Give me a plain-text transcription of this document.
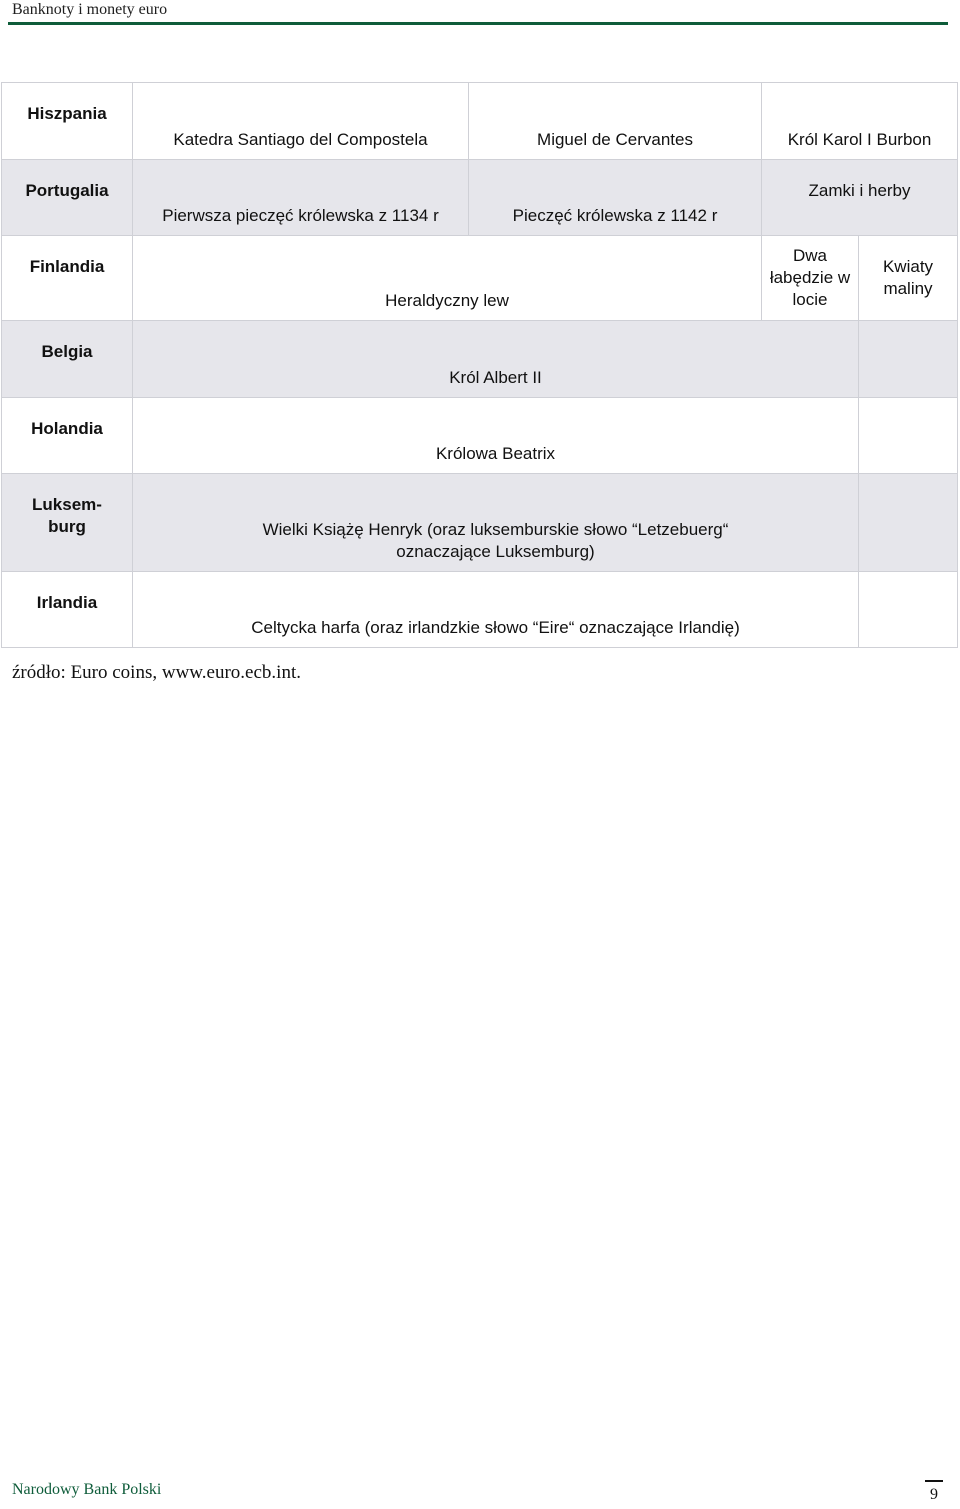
Banknoty i monety euro
Hiszpania	Katedra Santiago del Compostela	Miguel de Cervantes	Król Karol I Burbon	
Portugalia	Pierwsza pieczęć królewska z 1134 r	Pieczęć królewska z 1142 r	Zamki i herby	
Finlandia	Heraldyczny lew		Dwa łabędzie w locie	Kwiaty maliny
Belgia	Król Albert II			
Holandia	Królowa Beatrix			
Luksem-burg	Wielki Książę Henryk (oraz luksemburskie słowo “Letzebuerg“ oznaczające Luksemburg)			
Irlandia	Celtycka harfa (oraz irlandzkie słowo “Eire“ oznaczające Irlandię)			
źródło: Euro coins, www.euro.ecb.int.
Narodowy Bank Polski	9
